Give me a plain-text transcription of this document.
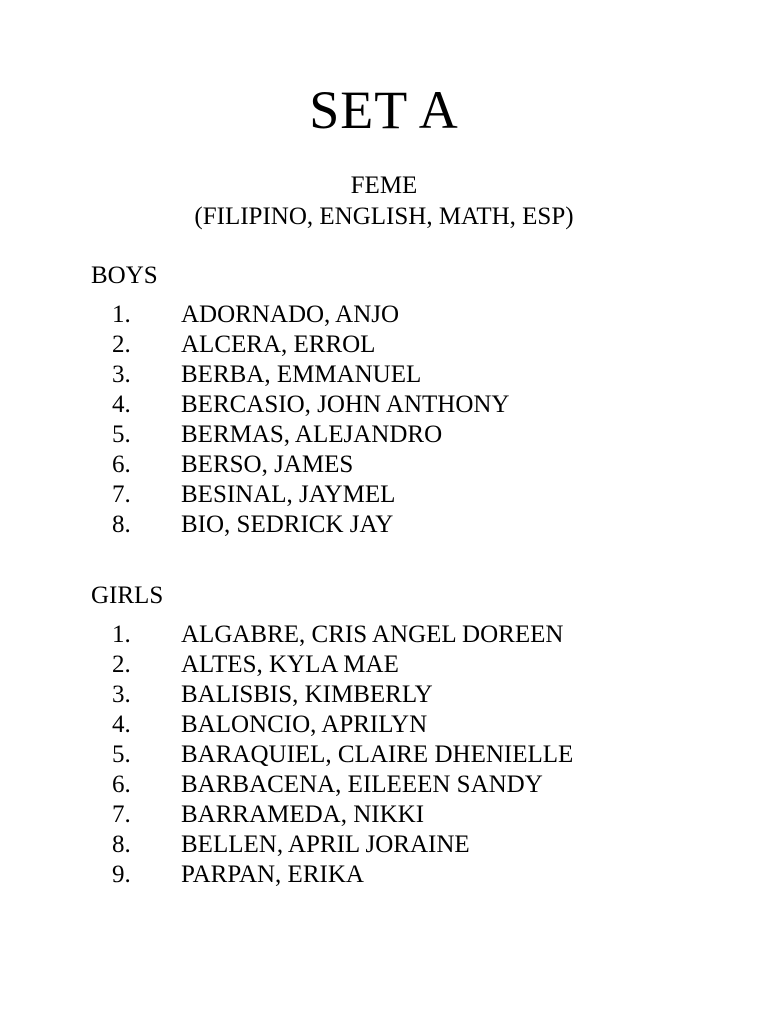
SET A
FEME
(FILIPINO, ENGLISH, MATH, ESP)
BOYS
1.	ADORNADO, ANJO
2.	ALCERA, ERROL
3.	BERBA, EMMANUEL
4.	BERCASIO, JOHN ANTHONY
5.	BERMAS, ALEJANDRO
6.	BERSO, JAMES
7.	BESINAL, JAYMEL
8.	BIO, SEDRICK JAY
GIRLS
1.	ALGABRE, CRIS ANGEL DOREEN
2.	ALTES, KYLA MAE
3.	BALISBIS, KIMBERLY
4.	BALONCIO, APRILYN
5.	BARAQUIEL, CLAIRE DHENIELLE
6.	BARBACENA, EILEEEN SANDY
7.	BARRAMEDA, NIKKI
8.	BELLEN, APRIL JORAINE
9.	PARPAN, ERIKA
